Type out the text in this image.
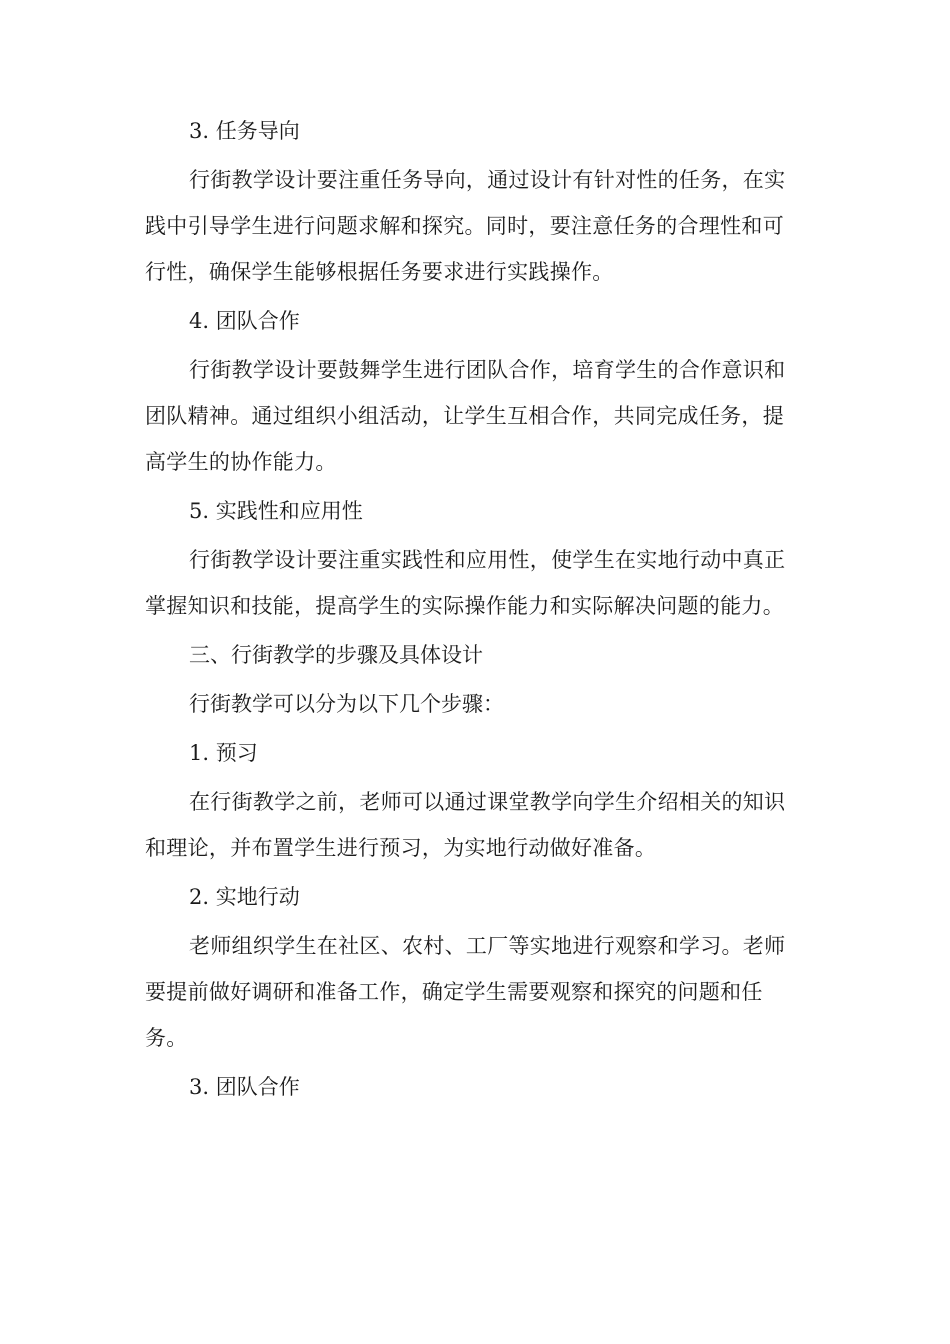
3. 任务导向
行街教学设计要注重任务导向，通过设计有针对性的任务，在实践中引导学生进行问题求解和探究。同时，要注意任务的合理性和可行性，确保学生能够根据任务要求进行实践操作。
4. 团队合作
行街教学设计要鼓舞学生进行团队合作，培育学生的合作意识和团队精神。通过组织小组活动，让学生互相合作，共同完成任务，提高学生的协作能力。
5. 实践性和应用性
行街教学设计要注重实践性和应用性，使学生在实地行动中真正掌握知识和技能，提高学生的实际操作能力和实际解决问题的能力。
三、行街教学的步骤及具体设计
行街教学可以分为以下几个步骤：
1. 预习
在行街教学之前，老师可以通过课堂教学向学生介绍相关的知识和理论，并布置学生进行预习，为实地行动做好准备。
2. 实地行动
老师组织学生在社区、农村、工厂等实地进行观察和学习。老师要提前做好调研和准备工作，确定学生需要观察和探究的问题和任务。
3. 团队合作
